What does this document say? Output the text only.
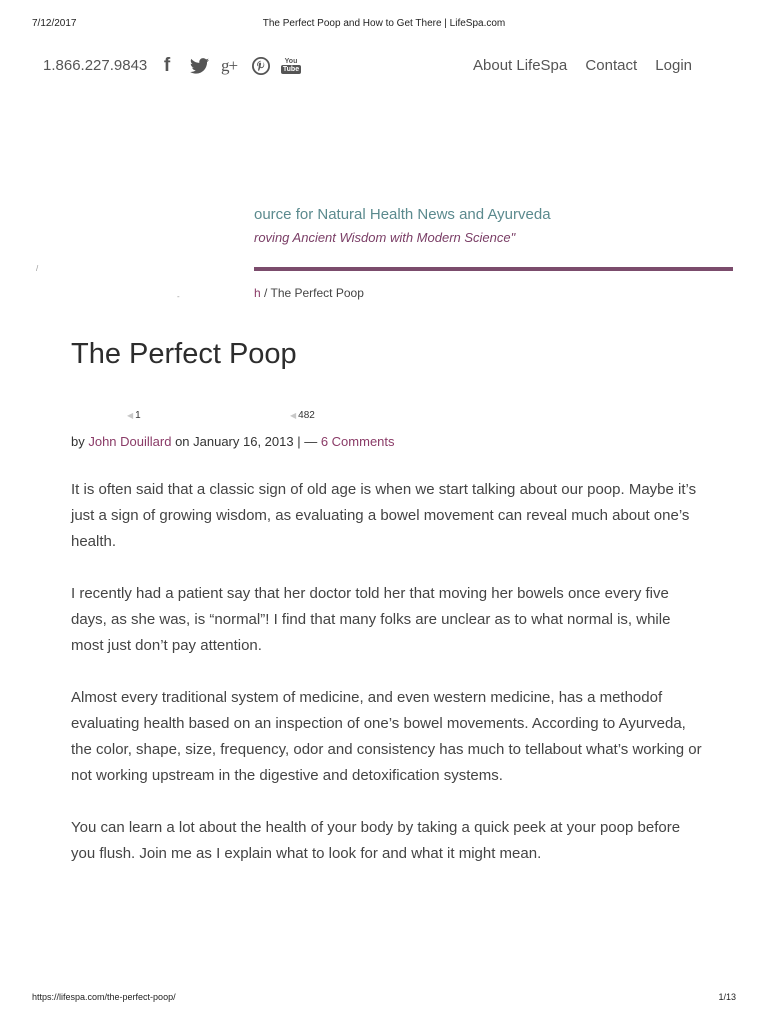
7/12/2017	The Perfect Poop and How to Get There | LifeSpa.com
1.866.227.9843 f	g+	You
Tube	About LifeSpa Contact Login
ource for Natural Health News and Ayurveda
roving Ancient Wisdom with Modern Science"
/
-	h / The Perfect Poop
The Perfect Poop
◀ 1	◀ 482
by John Douillard on January 16, 2013 | — 6 Comments

It is often said that a classic sign of old age is when we start talking about our poop. Maybe it’s just a sign of growing wisdom, as evaluating a bowel movement can reveal much about one’s health.

I recently had a patient say that her doctor told her that moving her bowels once every five days, as she was, is “normal”! I find that many folks are unclear as to what normal is, while most just don’t pay attention.

Almost every traditional system of medicine, and even western medicine, has a methodof evaluating health based on an inspection of one’s bowel movements. According to Ayurveda, the color, shape, size, frequency, odor and consistency has much to tellabout what’s working or not working upstream in the digestive and detoxification systems.

You can learn a lot about the health of your body by taking a quick peek at your poop before you flush. Join me as I explain what to look for and what it might mean.

https://lifespa.com/the-perfect-poop/	1/13
